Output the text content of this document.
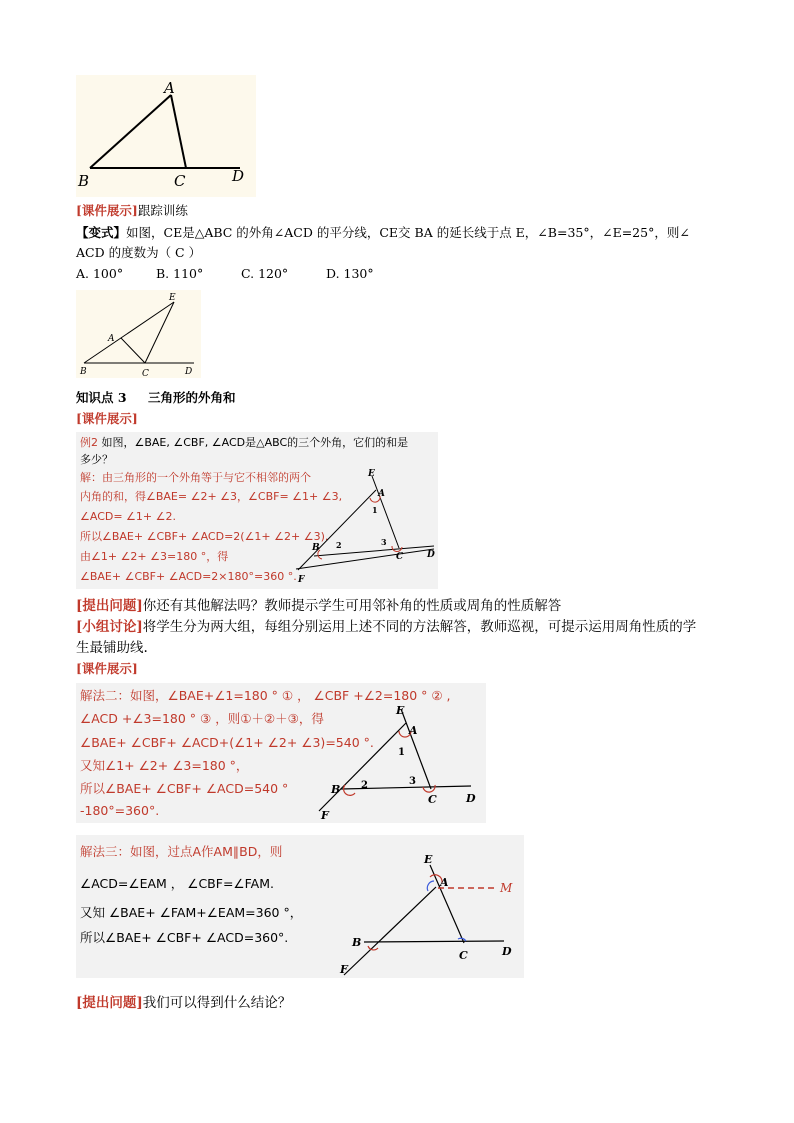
A
B	C	D
[课件展示]跟踪训练
【变式】如图，CE是△ABC 的外角∠ACD 的平分线，CE交 BA 的延长线于点 E，∠B=35°，∠E=25°，则∠
ACD 的度数为（ C ）
A. 100°	B. 110°	C. 120°	D. 130°
E
A
B	C	D
知识点 3 三角形的外角和
[课件展示]
例2 如图，∠BAE, ∠CBF, ∠ACD是△ABC的三个外角，它们的和是
多少？
解：由三角形的一个外角等于与它不相邻的两个
内角的和，得∠BAE= ∠2+ ∠3，∠CBF= ∠1+ ∠3,
∠ACD= ∠1+ ∠2.
所以∠BAE+ ∠CBF+ ∠ACD=2(∠1+ ∠2+ ∠3).
由∠1+ ∠2+ ∠3=180 °，得
∠BAE+ ∠CBF+ ∠ACD=2×180°=360 °.
E
A
1
B 2	3
C	D
F
[提出问题]你还有其他解法吗？教师提示学生可用邻补角的性质或周角的性质解答
[小组讨论]将学生分为两大组，每组分别运用上述不同的方法解答，教师巡视，可提示运用周角性质的学
生最铺助线.
[课件展示]
解法二：如图，∠BAE+∠1=180 ° ① ， ∠CBF +∠2=180 ° ② ,
∠ACD +∠3=180 ° ③ ，则①＋②＋③，得
∠BAE+ ∠CBF+ ∠ACD+(∠1+ ∠2+ ∠3)=540 °.
又知∠1+ ∠2+ ∠3=180 °，
所以∠BAE+ ∠CBF+ ∠ACD=540 °
-180°=360°.
E
A
1
B 2	3
C	D
F
解法三：如图，过点A作AM∥BD，则
∠ACD=∠EAM ， ∠CBF=∠FAM.
又知 ∠BAE+ ∠FAM+∠EAM=360 °，
所以∠BAE+ ∠CBF+ ∠ACD=360°.
E
A	M
B
C	D
F
[提出问题]我们可以得到什么结论？
